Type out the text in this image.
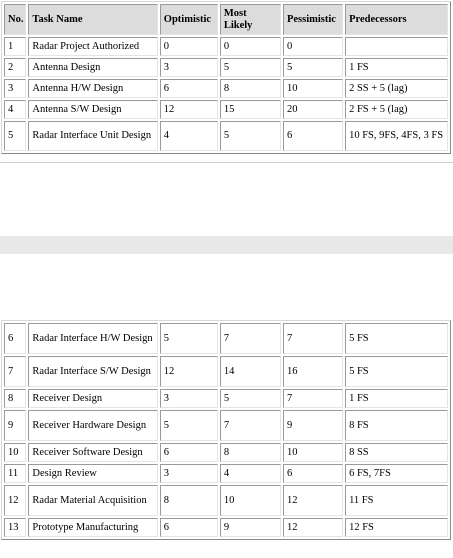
No.	Task Name	Optimistic	Most Likely	Pessimistic	Predecessors
1	Radar Project Authorized	0	0	0	
2	Antenna Design	3	5	5	1 FS
3	Antenna H/W Design	6	8	10	2 SS + 5 (lag)
4	Antenna S/W Design	12	15	20	2 FS + 5 (lag)
5	Radar Interface Unit Design	4	5	6	10 FS, 9FS, 4FS, 3 FS
6	Radar Interface H/W Design	5	7	7	5 FS
7	Radar Interface S/W Design	12	14	16	5 FS
8	Receiver Design	3	5	7	1 FS
9	Receiver Hardware Design	5	7	9	8 FS
10	Receiver Software Design	6	8	10	8 SS
11	Design Review	3	4	6	6 FS, 7FS
12	Radar Material Acquisition	8	10	12	11 FS
13	Prototype Manufacturing	6	9	12	12 FS
